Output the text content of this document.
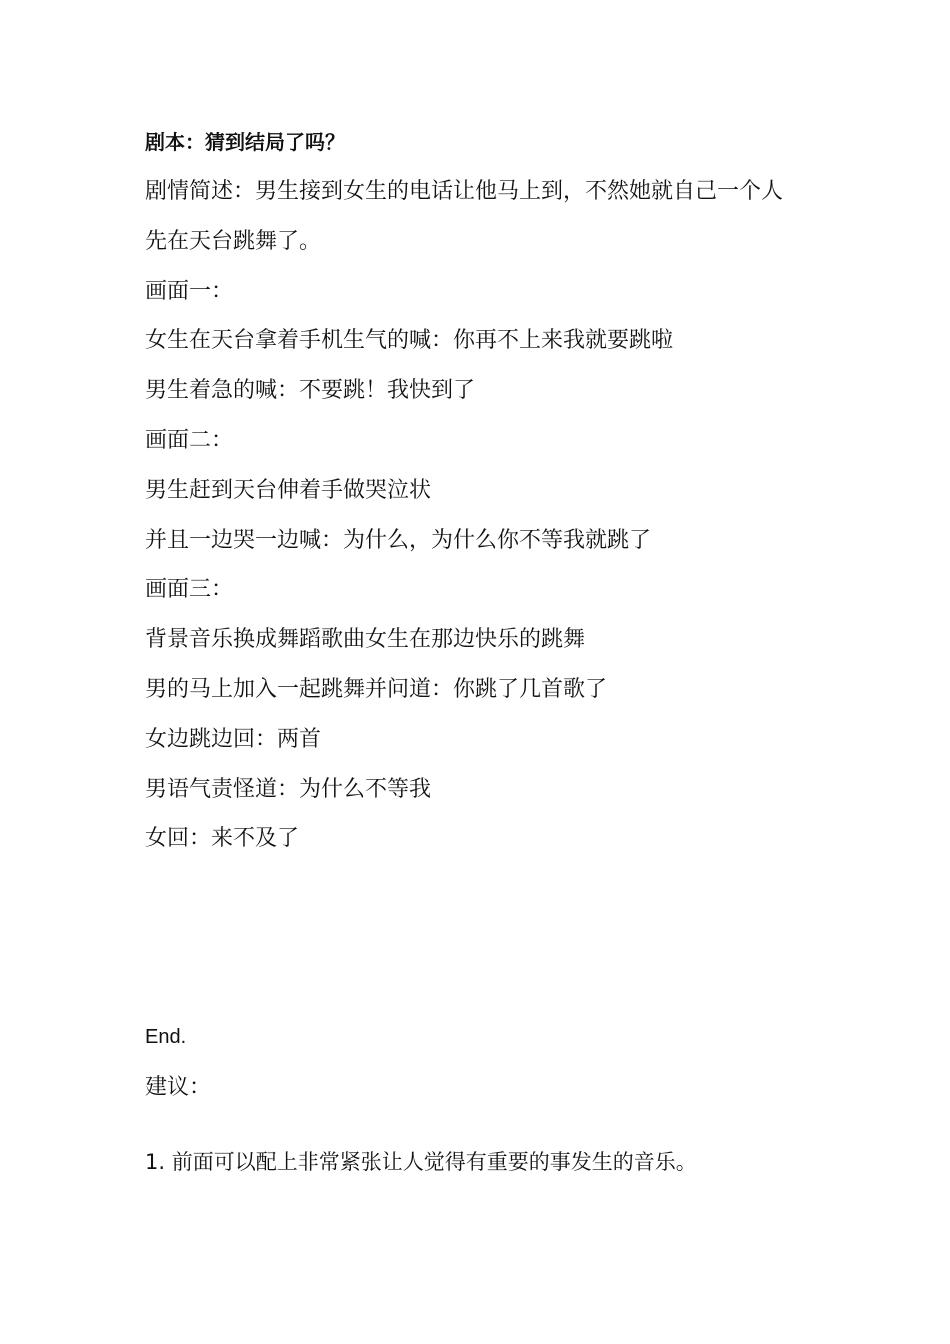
剧本：猜到结局了吗？
剧情简述：男生接到女生的电话让他马上到，不然她就自己一个人
先在天台跳舞了。
画面一：
女生在天台拿着手机生气的喊：你再不上来我就要跳啦
男生着急的喊：不要跳！我快到了
画面二：
男生赶到天台伸着手做哭泣状
并且一边哭一边喊：为什么，为什么你不等我就跳了
画面三：
背景音乐换成舞蹈歌曲女生在那边快乐的跳舞
男的马上加入一起跳舞并问道：你跳了几首歌了
女边跳边回：两首
男语气责怪道：为什么不等我
女回：来不及了
End.
建议：
1. 前面可以配上非常紧张让人觉得有重要的事发生的音乐。
